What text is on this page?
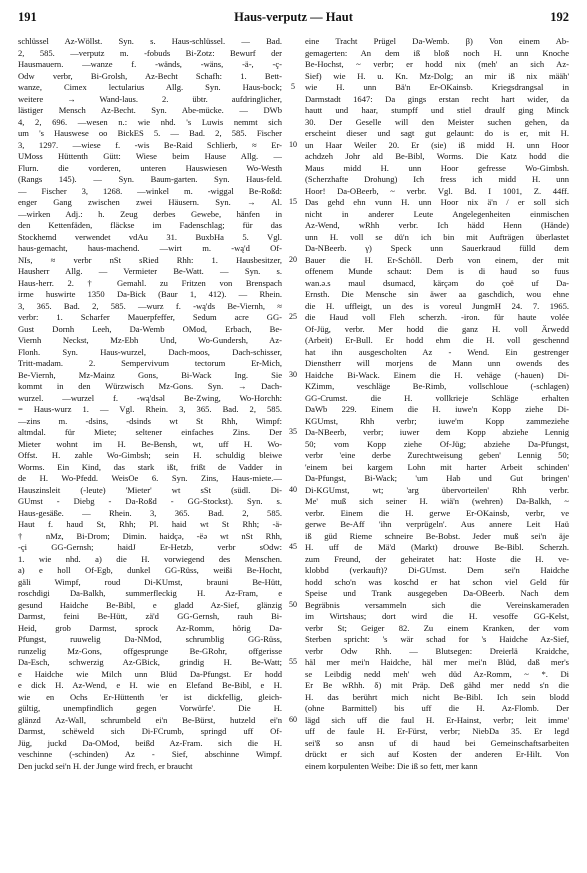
191	Haus-verputz — Haut	192
schlüssel Az-Wöllst. Syn. s. Haus-schlüssel. — Bad.
2, 585. —verputz m. -fobuds Bi-Zotz: Bewurf der
Hausmauern. —wanze f. -wänds, -wäns, -ä-, -ç-
Odw verbr, Bi-Grolsh, Az-Becht Schafh: 1. Bett-
wanze, Cimex lectularius Allg. Syn. Haus-bock;
weitere → Wand-laus. 2. übtr. aufdringlicher,
lästiger Mensch Az-Becht. Syn. Abe-mücke. — DWb
4, 2, 696. —wesen n.: wie nhd. 's Luwis nemmt sich
um 's Hauswese oo BickES 5. — Bad. 2, 585. Fischer
3, 1297. —wiese f. -wis Be-Raid Schlierb, ≈ Er-
UMoss Hüttenth Gütt: Wiese beim Hause Allg. —
Flurn. die vorderen, unteren Hauswiesen Wo-Westh
(Rangs 145). — Syn. Baum-garten. Syn. Haus-feld.
— Fischer 3, 1268. —winkel m. -wiggəl Be-Roßd:
enger Gang zwischen zwei Häusern. Syn. → Al.
—wirken Adj.: h. Zeug derbes Gewebe, hänfen in
den Kettenfäden, fläckse im Fadenschlag; für das
Stockhemd verwendet vdAu 31. BuxbHa 5. Vgl.
haus-gemacht, haus-machend. —wirt m. -wą'd Of-
NIs, ≈ verbr nSt sRied Rhh: 1. Hausbesitzer,
Hausherr Allg. — Vermieter Be-Watt. — Syn. s.
Haus-herr. 2. † Gemahl. zu Fritzen von Brenspach
irme huswirte 1350 Da-Bick (Baur 1, 412). — Rhein.
3, 365. Bad. 2, 585. —wurz f. -wą'ds Be-Viernh, ≈
verbr: 1. Scharfer Mauerpfeffer, Sedum acre GG-
Gust Dornh Leeh, Da-Wemb OMod, Erbach, Be-
Viernh Neckst, Mz-Ebh Und, Wo-Gundersh, Az-
Flonh. Syn. Haus-wurzel, Dach-moos, Dach-schisser,
Tritt-madam. 2. Sempervivum tectorum Er-Mich,
Be-Viernh, Mz-Mainz Gons, Bi-Wack Ing. Sie
kommt in den Würzwisch Mz-Gons. Syn. → Dach-
wurzel. —wurzel f. -wą'dsəl Be-Zwing, Wo-Horchh:
= Haus-wurz 1. — Vgl. Rhein. 3, 365. Bad. 2, 585.
—zins m. -dsins, -dsinds wt St Rhh, Wimpf:
altmdal. für Miete; seltener einfaches Zins. Der
Mieter wohnt im H. Be-Bensh, wt, uff H. Wo-
Offst. H. zahle Wo-Gimbsh; sein H. schuldig bleiwe
Worms. Ein Kind, das stark ißt, frißt de Vadder in
de H. Wo-Pfedd. WeisOe 6. Syn. Zins, Haus-miete.—
Hauszinsleit (-leute) 'Mieter' wt sSt (südl. Di-
GUmst - Diebg - Da-Roßd - GG-Stockst). Syn. s.
Haus-gesäße. — Rhein. 3, 365. Bad. 2, 585.
Haut f. haud St, Rhh; Pl. haid wt St Rhh; -ä-
† nMz, Bi-Drom; Dimin. haidçə, -ëə wt nSt Rhh,
-çi GG-Gernsh; haidJ Er-Hetzb, verbr sOdw:
1. wie nhd. a) die H. vorwiegend des Menschen.
a) e holl Of-Egb, dunkel GG-Rüss, weißi Be-Hocht,
gäli Wimpf, roud Di-KUmst, brauni Be-Hütt,
roschdigi Da-Balkh, summerfleckig H. Az-Fram, e
gesund Haidche Be-Bibl, e gladd Az-Sief, glänzig
Darmst, feini Be-Hütt, zä'd GG-Gernsh, rauh Bi-
Heid, grob Darmst, sprock Az-Romm, hörig Da-
Pfungst, ruuwelig Da-NMod, schrumblig GG-Rüss,
runzelig Mz-Gons, offgesprunge Be-GRohr, offgerisse
Da-Esch, schwerzig Az-GBick, grindig H. Be-Watt;
e Haidche wie Milch unn Blüd Da-Pfungst. Er hodd
e dick H. Az-Wend, e H. wie en Elefand Be-Bibl, e H.
wie en Ochs Er-Hüttenth 'er ist dickfellig, gleich-
gültig, unempfindlich gegen Vorwürfe'. Die H.
glänzd Az-Wall, schrumbeld ei'n Be-Bürst, hutzeld ei'n
Darmst, schëweld sich Di-FCrumb, springd uff Of-
Jüg, juckd Da-OMod, beißd Az-Fram. sich die H.
veschinne (-schinden) Az - Sief, abschinne Wimpf.
Den juckd sei'n H. der Junge wird frech, er braucht
5
10
15
20
25
30
35
40
45
50
55
60
eine Tracht Prügel Da-Wemb. β) Von einem Ab-
gemagerten: An dem iß bloß noch H. unn Knoche
Be-Hochst, ~ verbr; er hodd nix (meh' an sich Az-
Sief) wie H. u. Kn. Mz-Dolg; an mir iß nix määh'
wie H. unn Bä'n Er-OKainsb. Kriegsdrangsal in
Darmstadt 1647: Da gings erstan recht hart wider, da
hautt und haar, stumpff und stiel draulf ging Minck
30. Der Geselle will den Meister suchen gehen, da
erscheint dieser und sagt gut gelaunt: do is er, mit H.
un Haar Weiler 20. Er (sie) iß midd H. unn Hoor
achdzeh Johr ald Be-Bibl, Worms. Die Katz hodd die
Maus midd H. unn Hoor gefresse Wo-Gimbsh.
(Scherzhafte Drohung) Ich fress ich midd H. unn
Hoor! Da-OBeerb, ~ verbr. Vgl. Bd. I 1001, Z. 44ff.
Das gehd ehn vunn H. unn Hoor nix ä'n / er soll sich
nicht in anderer Leute Angelegenheiten einmischen
Az-Wend, wRhh verbr. Ich hädd Henn (Hände)
unn H. voll se dü'n ich bin mit Aufträgen überlastet
Da-NBeerb. γ) Speck unn Sauerkraud fülld dem
Bauer die H. Er-Schöll. Derb von einem, der mit
offenem Munde schaut: Dem is di haud so fuus
wan.ə.s maul dsumacd, kärçəm do çoë uf Da-
Ernsth. Die Mensche sin äwer aa gaschdich, wou ehne
die H. uffleigt, un des is voreul JungmH 24. 7. 1965.
die Haud voll Fleh scherzh. -iron. für haute volée
Of-Jüg, verbr. Mer hodd die ganz H. voll Ärwedd
(Arbeit) Er-Bull. Er hodd ehm die H. voll geschennd
hat ihn ausgescholten Az - Wend. Ein gestrenger
Dienstherr will morjens de Mann unn owends des
Haidche Bi-Wack. Einem die H. vehäge (-hauen) Di-
KZimm, veschläge Be-Rimb, vollschloue (-schlagen)
GG-Crumst. die H. vollkrieje Schläge erhalten
DaWb 229. Einem die H. iuwe'n Kopp ziehe Di-
KGUmst, Rhh verbr; iuwe'm Kopp zammeziehe
Da-NBeerb, verbr; iuwer dem Kopp abziehe Lennig
50; vom Kopp ziehe Of-Jüg; abziehe Da-Pfungst,
verbr 'eine derbe Zurechtweisung geben' Lennig 50;
'einem bei kargem Lohn mit harter Arbeit schinden'
Da-Pfungst, Bi-Wack; 'um Hab und Gut bringen'
Di-KGUmst, wt; 'arg übervorteilen' Rhh verbr.
Me' muß sich seiner H. wiä'n (wehren) Da-Balkh, ~
verbr. Einem die H. gerwe Er-OKainsb, verbr, ve
gerwe Be-Aff 'ihn verprügeln'. Aus annere Leit Haü
iß güd Rieme schneire Be-Bobst. Jeder muß sei'n äje
H. uff de Mä'd (Markt) drouwe Be-Bibl. Scherzh.
zum Freund, der geheiratet hat: Hoste die H. ve-
klobbd (verkauft)? Di-GUmst. Dem sei'n Haidche
hodd scho'n was koschd er hat schon viel Geld für
Speise und Trank ausgegeben Da-OBeerb. Nach dem
Begräbnis versammeln sich die Vereinskameraden
im Wirtshaus; dort wird die H. vesoffe GG-Kelst,
verbr St; Geiger 82. Zu einem Kranken, der vom
Sterben spricht: 's wär schad for 's Haidche Az-Sief,
verbr Odw Rhh. — Blutsegen: Dreierlä Kraidche,
häl mer mei'n Haidche, häl mer mei'n Blüd, daß mer's
se Leibdig nedd meh' weh düd Az-Romm, ~ *. Di
Er Be wRhh. δ) mit Präp. Deß gähd mer nedd s'n die
H. das berührt mich nicht Be-Bibl. Ich sein blodd
(ohne Barmittel) bis uff die H. Az-Flomb. Der
lägd sich uff die faul H. Er-Hainst, verbr; leit imme'
uff de faule H. Er-Fürst, verbr; NiebDa 35. Er legd
sei'ß so ansn uf di haud bei Gemeinschaftsarbeiten
drückt er sich auf Kosten der anderen Er-Hilt. Von
einem korpulenten Weibe: Die iß so fett, mer kann
